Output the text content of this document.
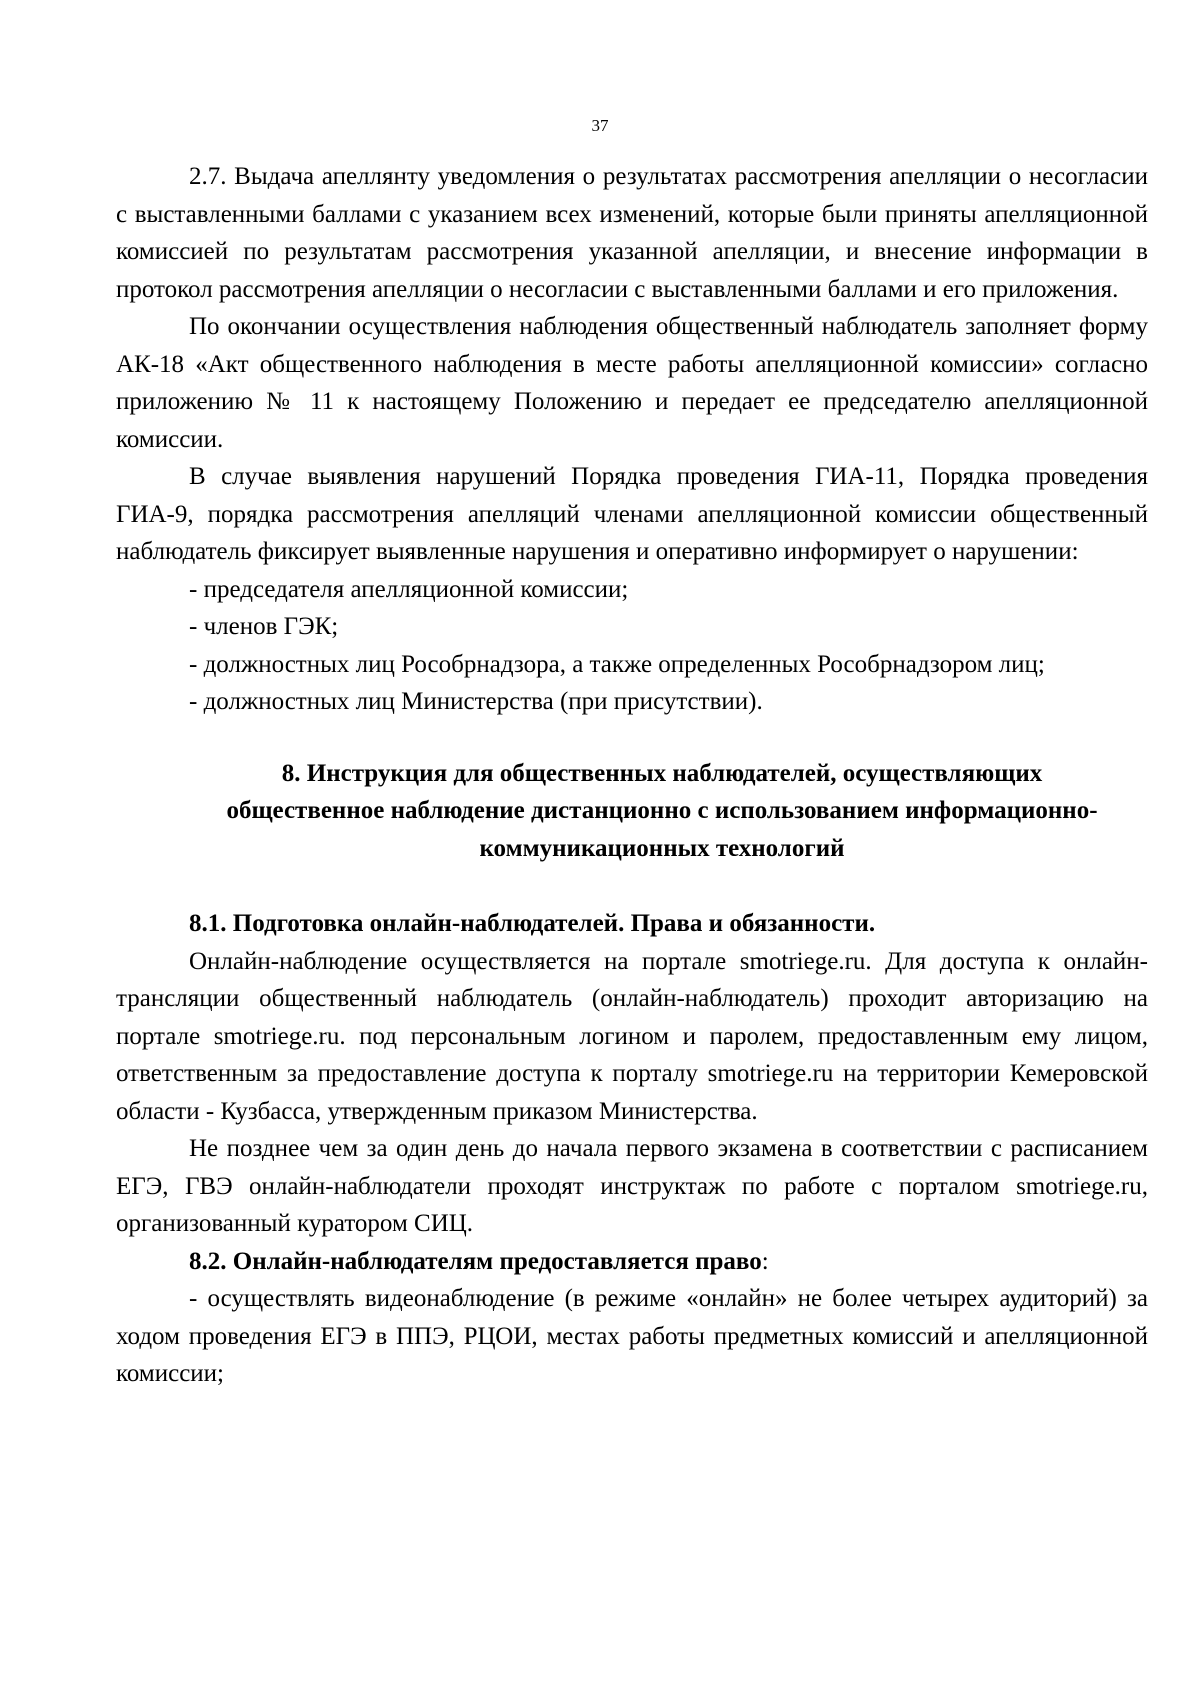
37

2.7. Выдача апеллянту уведомления о результатах рассмотрения апелляции о несогласии с выставленными баллами с указанием всех изменений, которые были приняты апелляционной комиссией по результатам рассмотрения указанной апелляции, и внесение информации в протокол рассмотрения апелляции о несогласии с выставленными баллами и его приложения.

По окончании осуществления наблюдения общественный наблюдатель заполняет форму АК-18 «Акт общественного наблюдения в месте работы апелляционной комиссии» согласно приложению № 11 к настоящему Положению и передает ее председателю апелляционной комиссии.

В случае выявления нарушений Порядка проведения ГИА-11, Порядка проведения ГИА-9, порядка рассмотрения апелляций членами апелляционной комиссии общественный наблюдатель фиксирует выявленные нарушения и оперативно информирует о нарушении:

- председателя апелляционной комиссии;

- членов ГЭК;

- должностных лиц Рособрнадзора, а также определенных Рособрнадзором лиц;

- должностных лиц Министерства (при присутствии).

8. Инструкция для общественных наблюдателей, осуществляющих общественное наблюдение дистанционно с использованием информационно-коммуникационных технологий

8.1. Подготовка онлайн-наблюдателей. Права и обязанности.

Онлайн-наблюдение осуществляется на портале smotriege.ru. Для доступа к онлайн-трансляции общественный наблюдатель (онлайн-наблюдатель) проходит авторизацию на портале smotriege.ru. под персональным логином и паролем, предоставленным ему лицом, ответственным за предоставление доступа к порталу smotriege.ru на территории Кемеровской области - Кузбасса, утвержденным приказом Министерства.

Не позднее чем за один день до начала первого экзамена в соответствии с расписанием ЕГЭ, ГВЭ онлайн-наблюдатели проходят инструктаж по работе с порталом smotriege.ru, организованный куратором СИЦ.

8.2. Онлайн-наблюдателям предоставляется право:

- осуществлять видеонаблюдение (в режиме «онлайн» не более четырех аудиторий) за ходом проведения ЕГЭ в ППЭ, РЦОИ, местах работы предметных комиссий и апелляционной комиссии;
